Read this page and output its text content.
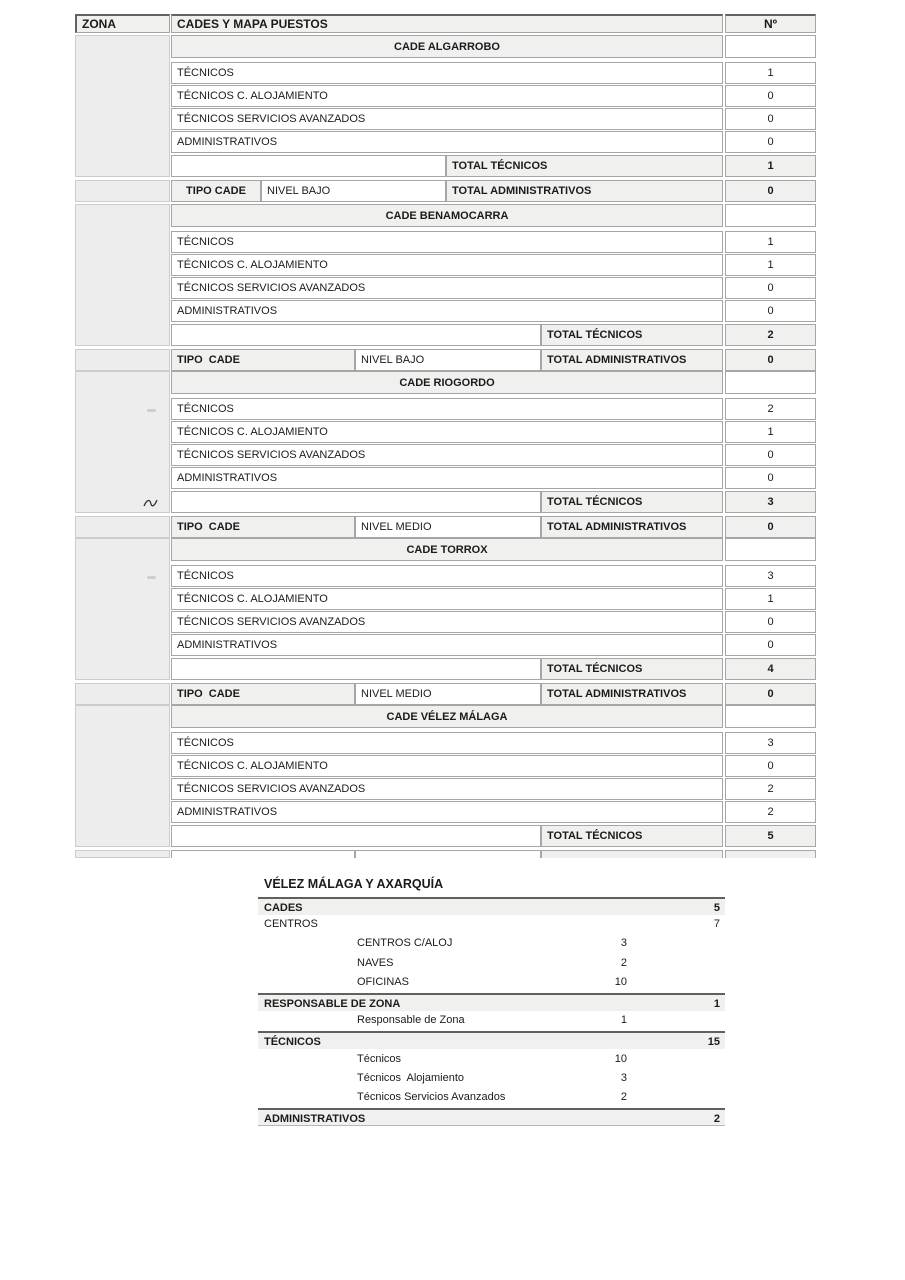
ZONA	CADES Y MAPA PUESTOS	Nº
CADE ALGARROBO
TÉCNICOS	1
TÉCNICOS C. ALOJAMIENTO	0
TÉCNICOS SERVICIOS AVANZADOS	0
ADMINISTRATIVOS	0
TOTAL TÉCNICOS	1
TIPO CADE	NIVEL BAJO	TOTAL ADMINISTRATIVOS	0
CADE BENAMOCARRA
TÉCNICOS	1
TÉCNICOS C. ALOJAMIENTO	1
TÉCNICOS SERVICIOS AVANZADOS	0
ADMINISTRATIVOS	0
TOTAL TÉCNICOS	2
TIPO  CADE	NIVEL BAJO	TOTAL ADMINISTRATIVOS	0
CADE RIOGORDO
TÉCNICOS	2
TÉCNICOS C. ALOJAMIENTO	1
TÉCNICOS SERVICIOS AVANZADOS	0
ADMINISTRATIVOS	0
TOTAL TÉCNICOS	3
TIPO  CADE	NIVEL MEDIO	TOTAL ADMINISTRATIVOS	0
CADE TORROX
TÉCNICOS	3
TÉCNICOS C. ALOJAMIENTO	1
TÉCNICOS SERVICIOS AVANZADOS	0
ADMINISTRATIVOS	0
TOTAL TÉCNICOS	4
TIPO  CADE	NIVEL MEDIO	TOTAL ADMINISTRATIVOS	0
CADE VÉLEZ MÁLAGA
TÉCNICOS	3
TÉCNICOS C. ALOJAMIENTO	0
TÉCNICOS SERVICIOS AVANZADOS	2
ADMINISTRATIVOS	2
TOTAL TÉCNICOS	5
VÉLEZ MÁLAGA Y AXARQUÍA
CADES	5
CENTROS	7
CENTROS C/ALOJ	3
NAVES	2
OFICINAS	10
RESPONSABLE DE ZONA	1
Responsable de Zona	1
TÉCNICOS	15
Técnicos	10
Técnicos  Alojamiento	3
Técnicos Servicios Avanzados	2
ADMINISTRATIVOS	2
